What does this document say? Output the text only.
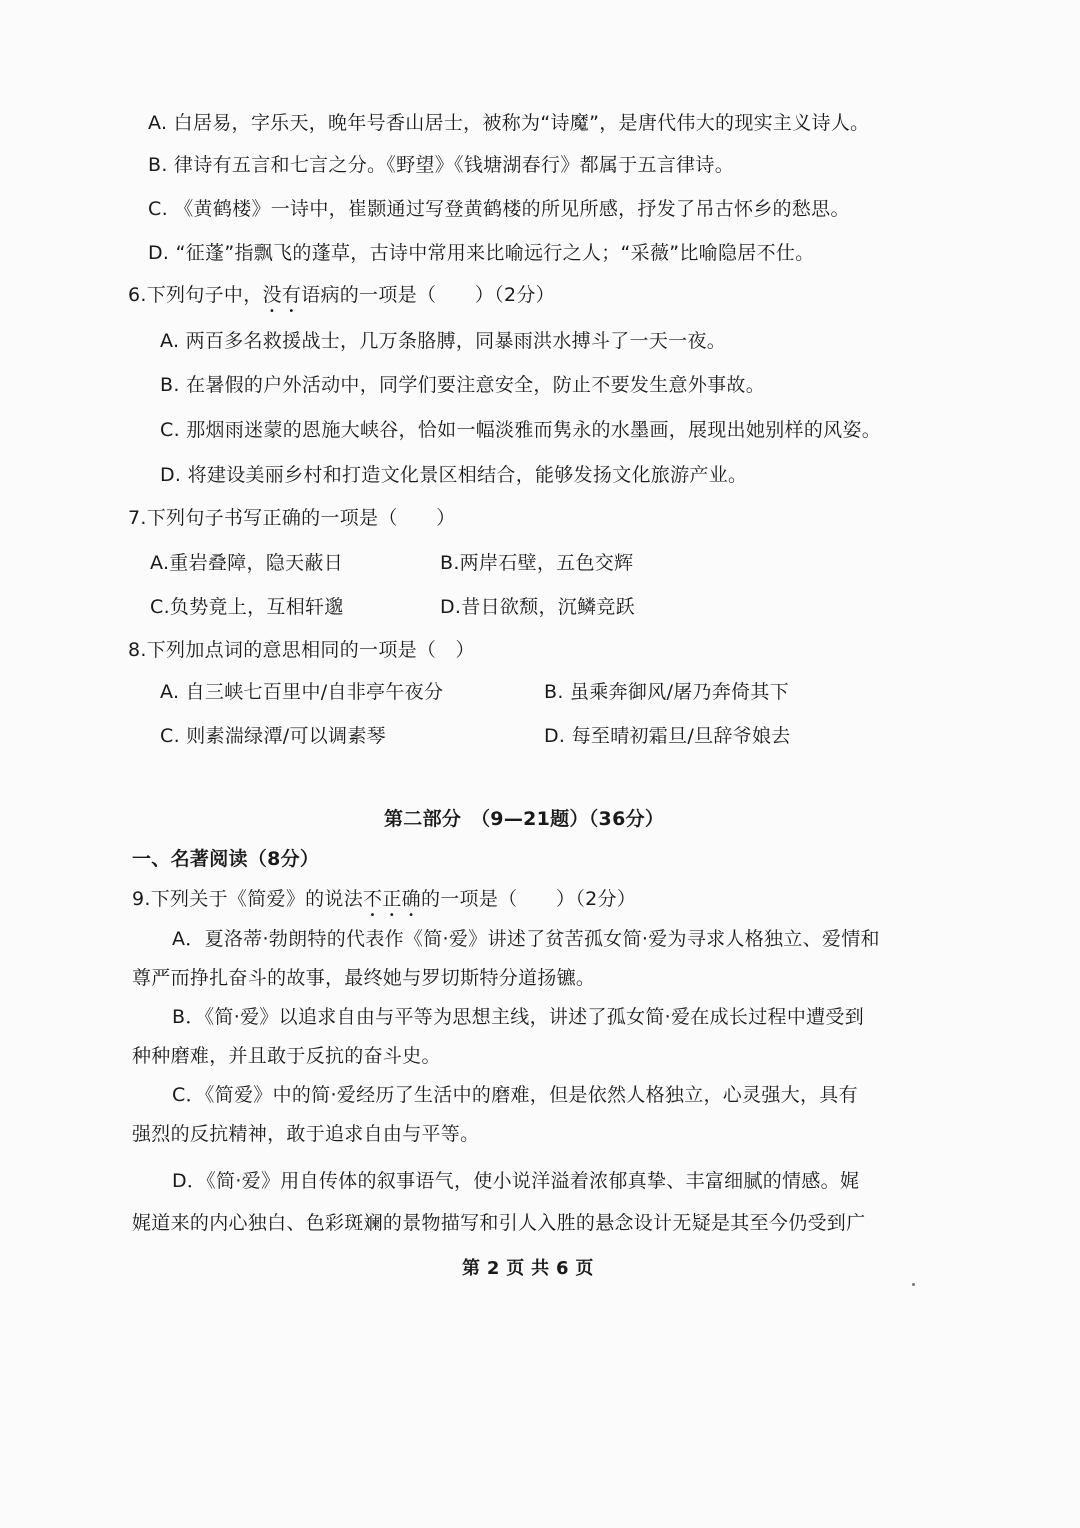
A. 白居易，字乐天，晚年号香山居士，被称为“诗魔”，是唐代伟大的现实主义诗人。
B. 律诗有五言和七言之分。《野望》《钱塘湖春行》都属于五言律诗。
C. 《黄鹤楼》一诗中，崔颢通过写登黄鹤楼的所见所感，抒发了吊古怀乡的愁思。
D. “征蓬”指飘飞的蓬草，古诗中常用来比喻远行之人；“采薇”比喻隐居不仕。
6.下列句子中，没有语病的一项是（　　）（2分）
A. 两百多名救援战士，几万条胳膊，同暴雨洪水搏斗了一天一夜。
B. 在暑假的户外活动中，同学们要注意安全，防止不要发生意外事故。
C. 那烟雨迷蒙的恩施大峡谷，恰如一幅淡雅而隽永的水墨画，展现出她别样的风姿。
D. 将建设美丽乡村和打造文化景区相结合，能够发扬文化旅游产业。
7.下列句子书写正确的一项是（　　）
A.重岩叠障，隐天蔽日	B.两岸石壁，五色交辉
C.负势竟上，互相轩邈	D.昔日欲颓，沉鳞竞跃
8.下列加点词的意思相同的一项是（　）
A. 自三峡七百里中/自非亭午夜分	B. 虽乘奔御风/屠乃奔倚其下
C. 则素湍绿潭/可以调素琴	D. 每至晴初霜旦/旦辞爷娘去
第二部分　（9—21题）（36分）
一、名著阅读（8分）
9.下列关于《简爱》的说法不正确的一项是（　　）（2分）
A．夏洛蒂·勃朗特的代表作《简·爱》讲述了贫苦孤女简·爱为寻求人格独立、爱情和
尊严而挣扎奋斗的故事，最终她与罗切斯特分道扬镳。
B．《简·爱》以追求自由与平等为思想主线，讲述了孤女简·爱在成长过程中遭受到
种种磨难，并且敢于反抗的奋斗史。
C．《简爱》中的简·爱经历了生活中的磨难，但是依然人格独立，心灵强大，具有
强烈的反抗精神，敢于追求自由与平等。
D．《简·爱》用自传体的叙事语气，使小说洋溢着浓郁真挚、丰富细腻的情感。娓
娓道来的内心独白、色彩斑斓的景物描写和引人入胜的悬念设计无疑是其至今仍受到广
第 2 页 共 6 页
